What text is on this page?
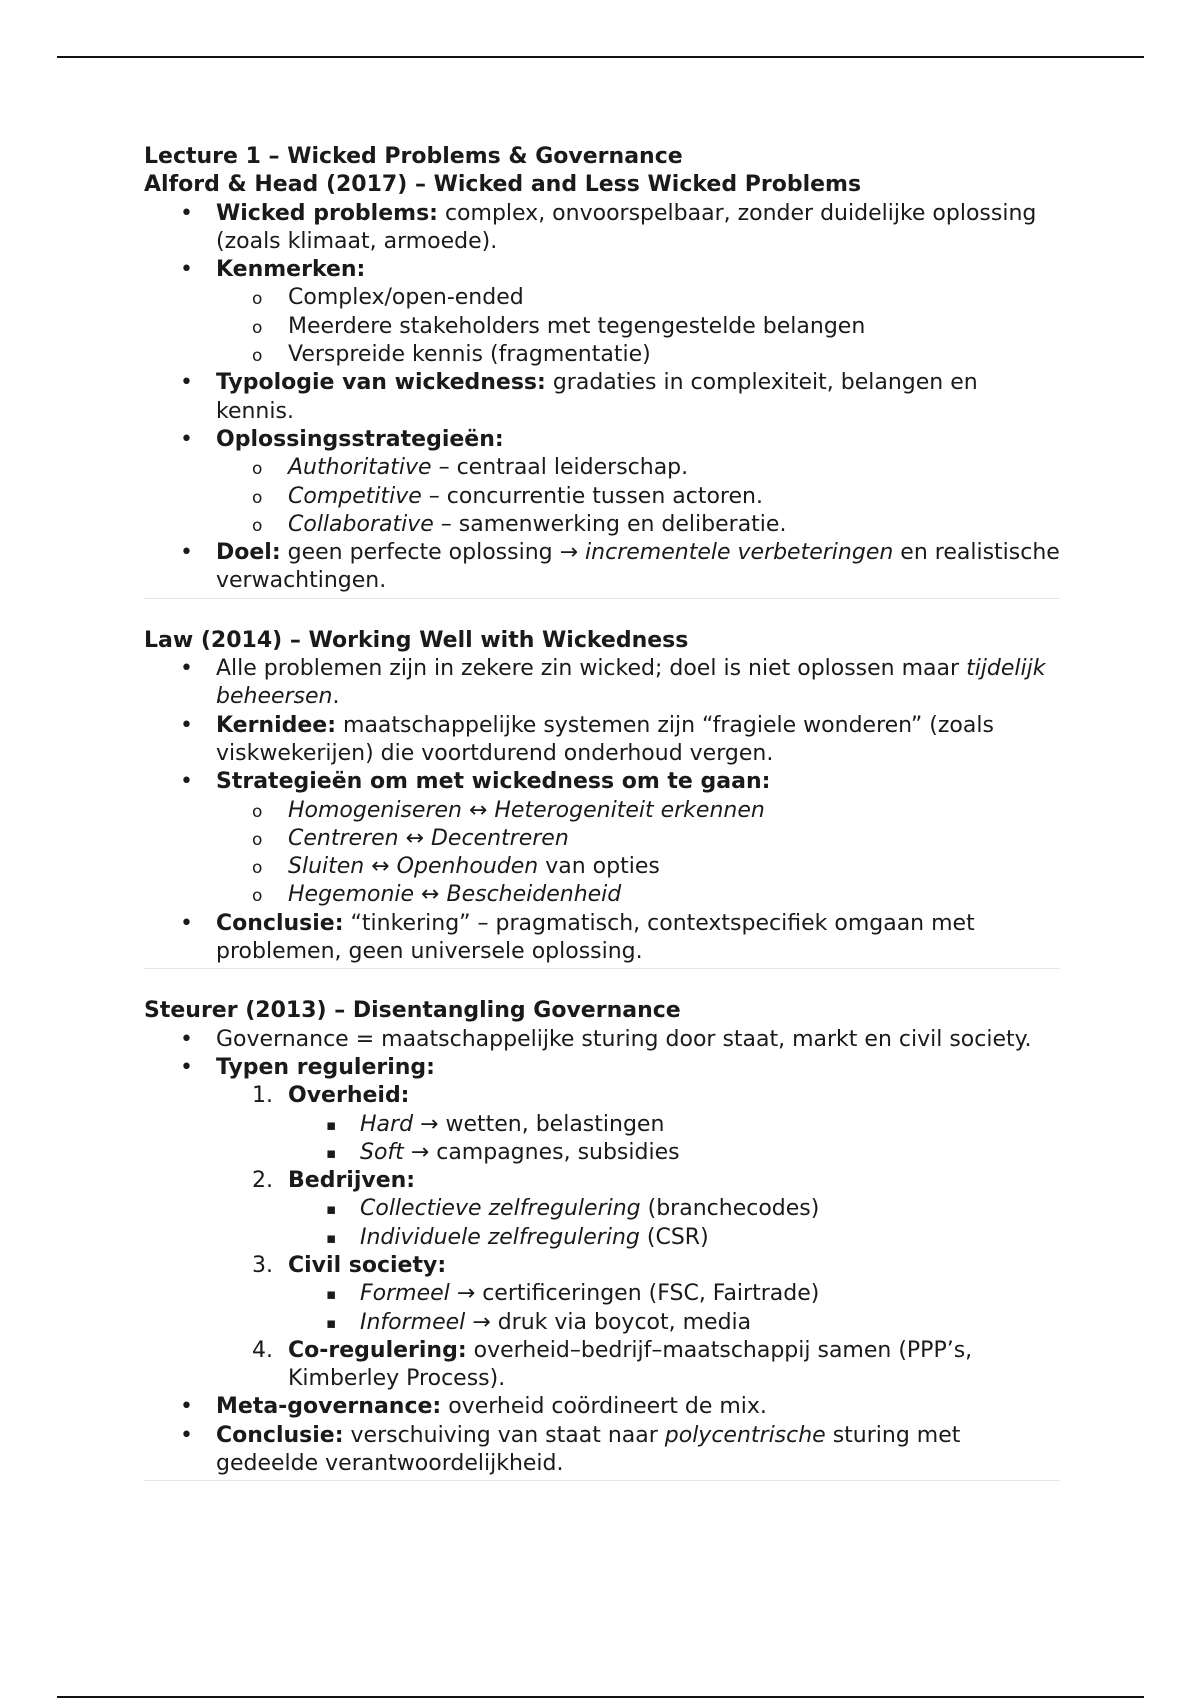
Lecture 1 – Wicked Problems & Governance
Alford & Head (2017) – Wicked and Less Wicked Problems
• Wicked problems: complex, onvoorspelbaar, zonder duidelijke oplossing (zoals klimaat, armoede).
• Kenmerken:
o Complex/open-ended
o Meerdere stakeholders met tegengestelde belangen
o Verspreide kennis (fragmentatie)
• Typologie van wickedness: gradaties in complexiteit, belangen en kennis.
• Oplossingsstrategieën:
o Authoritative – centraal leiderschap.
o Competitive – concurrentie tussen actoren.
o Collaborative – samenwerking en deliberatie.
• Doel: geen perfecte oplossing → incrementele verbeteringen en realistische verwachtingen.
Law (2014) – Working Well with Wickedness
• Alle problemen zijn in zekere zin wicked; doel is niet oplossen maar tijdelijk beheersen.
• Kernidee: maatschappelijke systemen zijn “fragiele wonderen” (zoals viskwekerijen) die voortdurend onderhoud vergen.
• Strategieën om met wickedness om te gaan:
o Homogeniseren ↔ Heterogeniteit erkennen
o Centreren ↔ Decentreren
o Sluiten ↔ Openhouden van opties
o Hegemonie ↔ Bescheidenheid
• Conclusie: “tinkering” – pragmatisch, contextspecifiek omgaan met problemen, geen universele oplossing.
Steurer (2013) – Disentangling Governance
• Governance = maatschappelijke sturing door staat, markt en civil society.
• Typen regulering:
1. Overheid:
▪ Hard → wetten, belastingen
▪ Soft → campagnes, subsidies
2. Bedrijven:
▪ Collectieve zelfregulering (branchecodes)
▪ Individuele zelfregulering (CSR)
3. Civil society:
▪ Formeel → certificeringen (FSC, Fairtrade)
▪ Informeel → druk via boycot, media
4. Co-regulering: overheid–bedrijf–maatschappij samen (PPP’s, Kimberley Process).
• Meta-governance: overheid coördineert de mix.
• Conclusie: verschuiving van staat naar polycentrische sturing met gedeelde verantwoordelijkheid.
